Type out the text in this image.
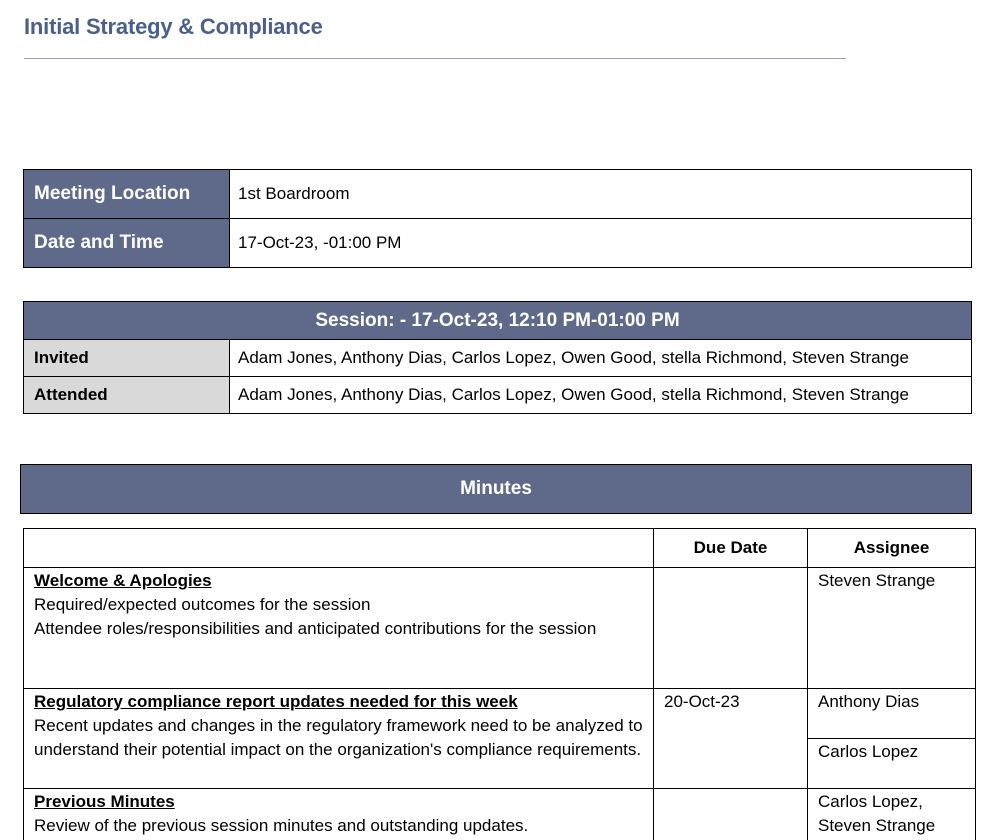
Initial Strategy & Compliance
Meeting Location	1st Boardroom
Date and Time	17-Oct-23, -01:00 PM
Session: - 17-Oct-23, 12:10 PM-01:00 PM	
Invited	Adam Jones, Anthony Dias, Carlos Lopez, Owen Good, stella Richmond, Steven Strange
Attended	Adam Jones, Anthony Dias, Carlos Lopez, Owen Good, stella Richmond, Steven Strange
Minutes
	Due Date	Assignee

Welcome & Apologies
Required/expected outcomes for the session
Attendee roles/responsibilities and anticipated contributions for the session		Steven Strange

Regulatory compliance report updates needed for this week
Recent updates and changes in the regulatory framework need to be analyzed to understand their potential impact on the organization's compliance requirements.	20-Oct-23	Anthony Dias
		Carlos Lopez

Previous Minutes
Review of the previous session minutes and outstanding updates.		Carlos Lopez,
Steven Strange
